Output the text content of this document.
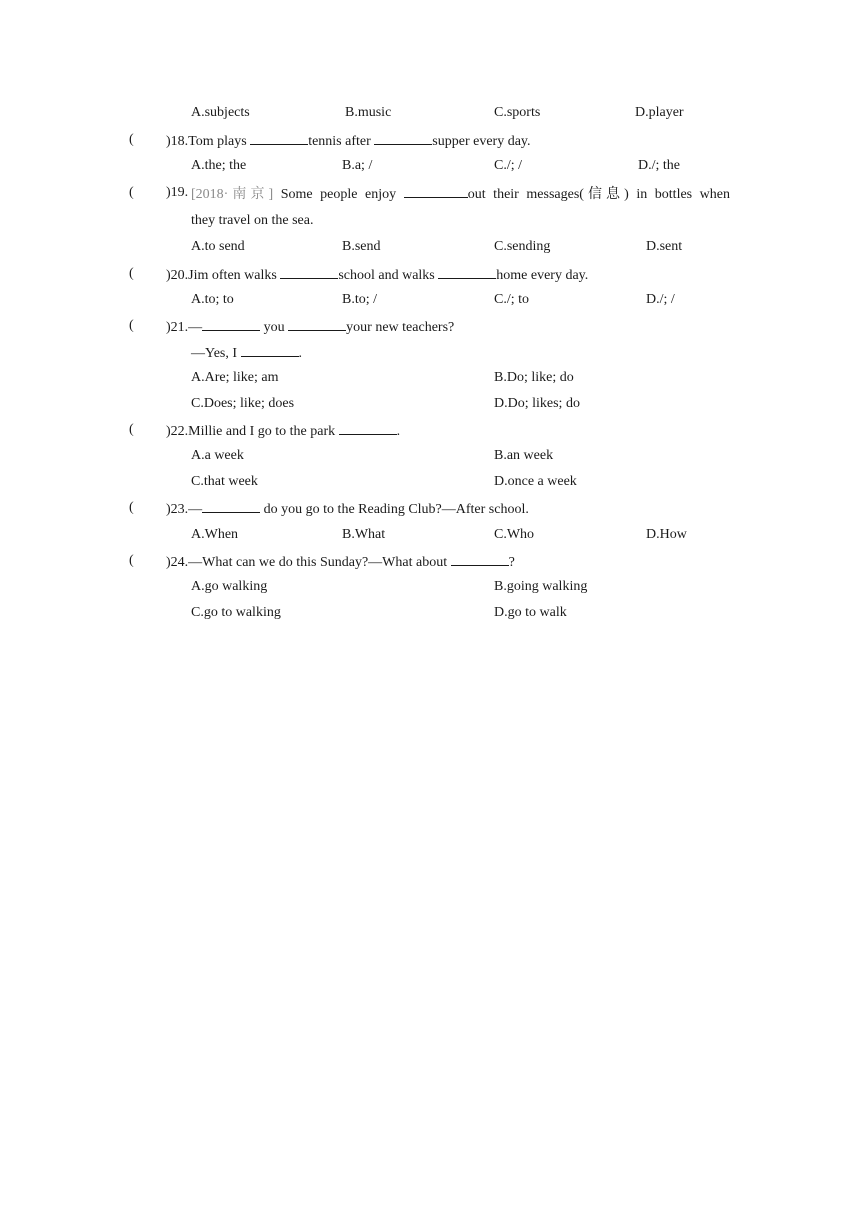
A.subjects	B.music	C.sports	D.player
( )18.Tom plays	tennis after	supper every day.
A.the; the	B.a; /	C./; /	D./; the
( )19. [2018·南京] Some people enjoy	out their messages(信息) in bottles when
they travel on the sea.
A.to send	B.send	C.sending	D.sent
( )20.Jim often walks	school and walks	home every day.
A.to; to	B.to; /	C./; to	D./; /
( )21.—	you	your new teachers?
—Yes, I	.
A.Are; like; am	B.Do; like; do
C.Does; like; does	D.Do; likes; do
( )22.Millie and I go to the park	.
A.a week	B.an week
C.that week	D.once a week
( )23.—	do you go to the Reading Club?—After school.
A.When	B.What	C.Who	D.How
( )24.—What can we do this Sunday?—What about	?
A.go walking	B.going walking
C.go to walking	D.go to walk
